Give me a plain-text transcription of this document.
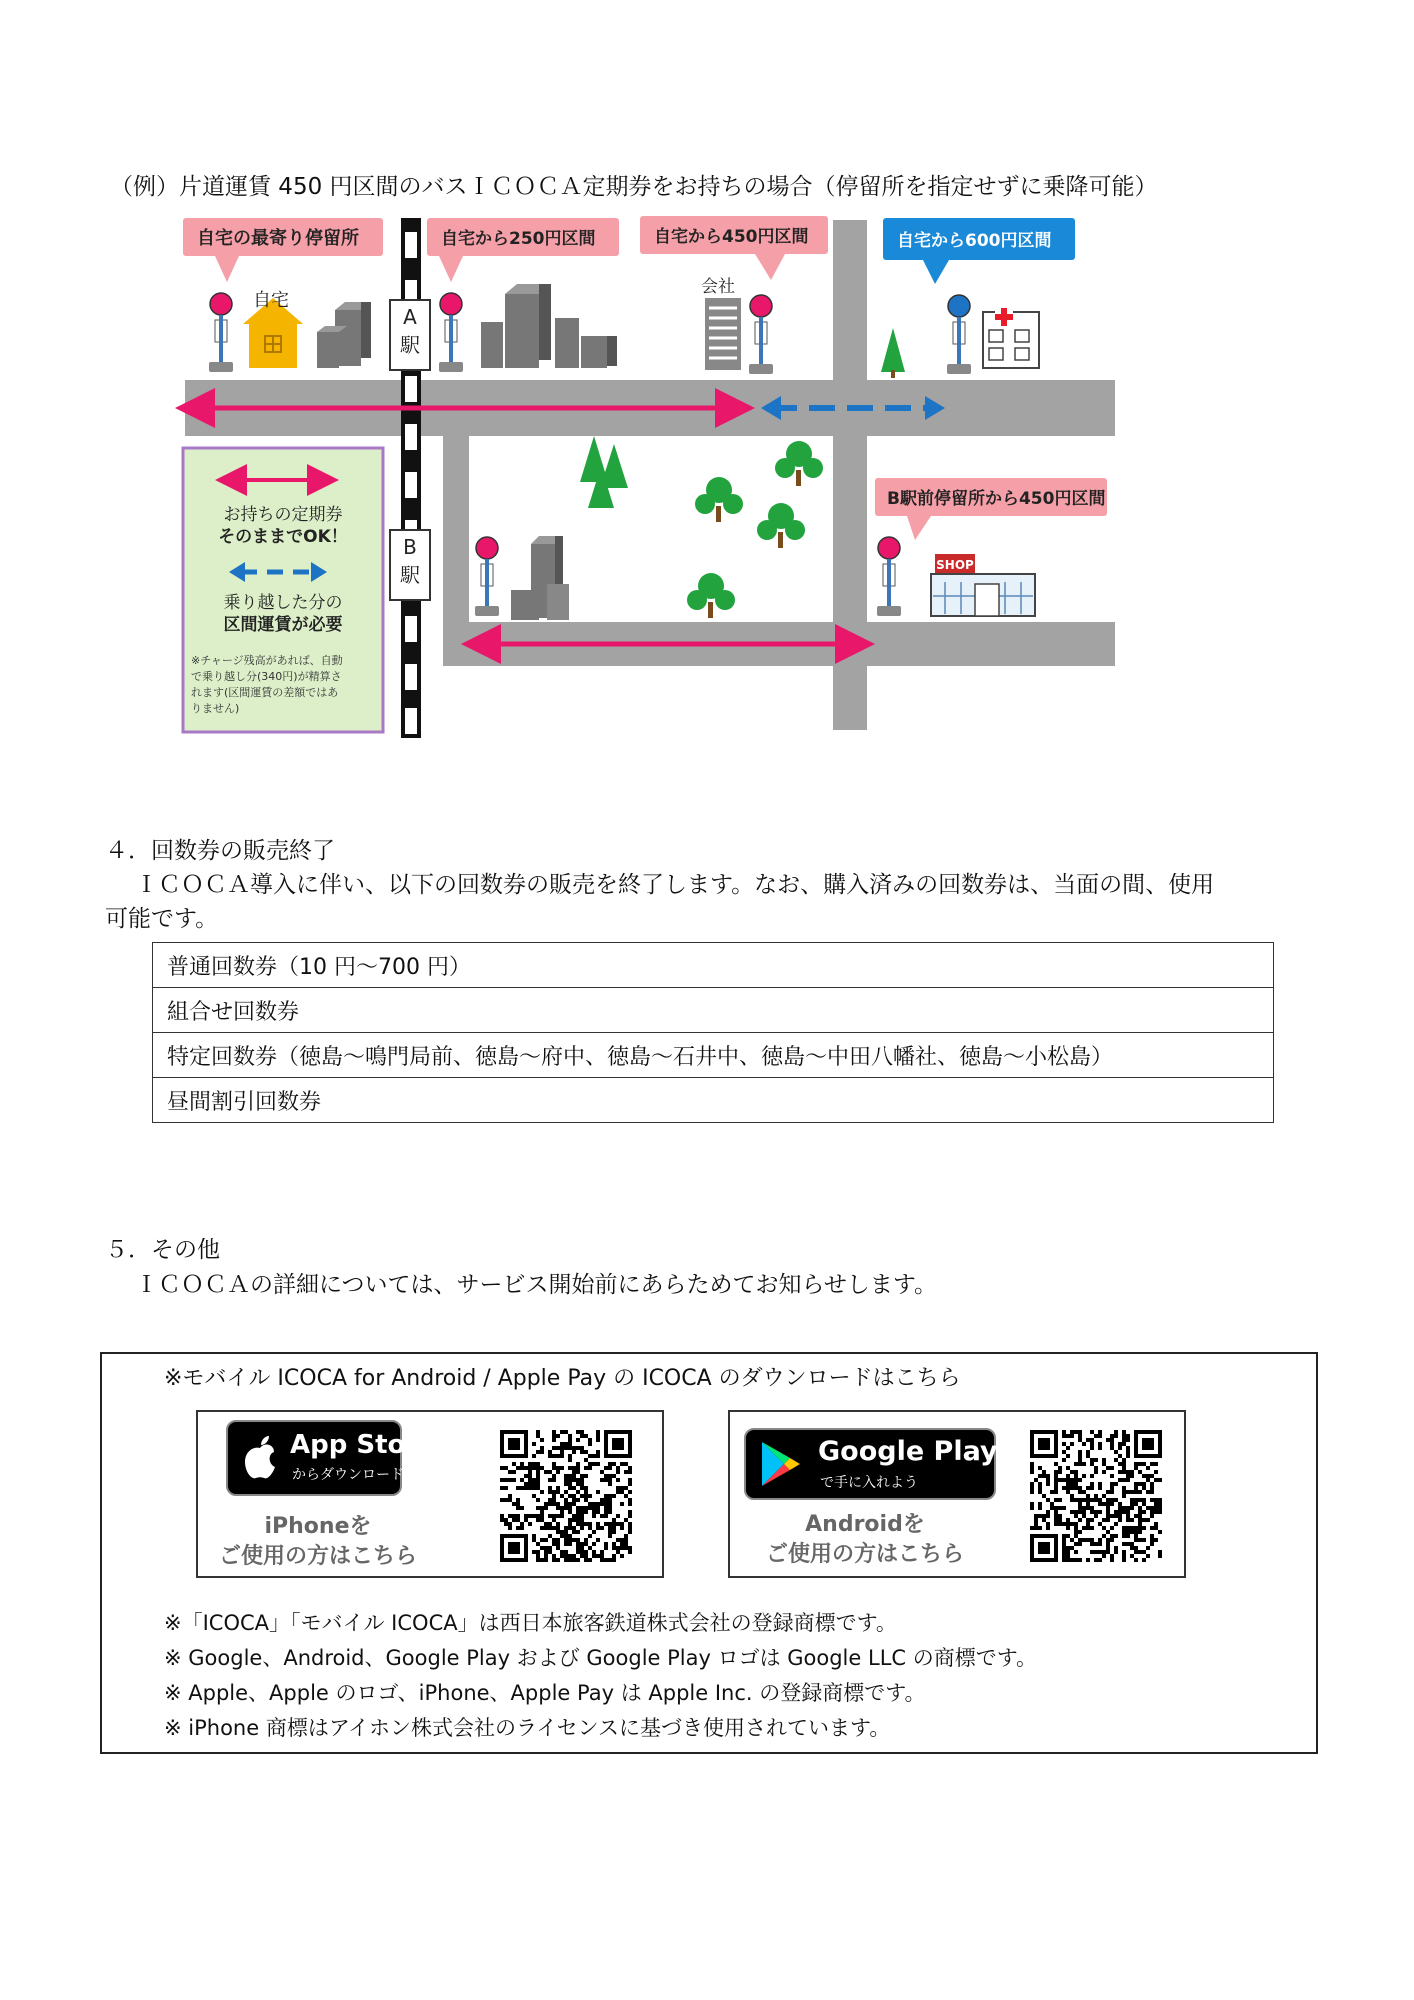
（例）片道運賃 450 円区間のバスＩＣＯＣＡ定期券をお持ちの場合（停留所を指定せずに乗降可能）
A
駅
B
駅
自宅の最寄り停留所	自宅から250円区間	自宅から450円区間	自宅から600円区間
B駅前停留所から450円区間
自宅
会社
SHOP
お持ちの定期券
そのままでOK！
乗り越した分の
区間運賃が必要
※チャージ残高があれば、自動
で乗り越し分(340円)が精算さ
れます(区間運賃の差額ではあ
りません)
４．回数券の販売終了
ＩＣＯＣＡ導入に伴い、以下の回数券の販売を終了します。なお、購入済みの回数券は、当面の間、使用
可能です。
普通回数券（10 円～700 円）
組合せ回数券
特定回数券（徳島～鳴門局前、徳島～府中、徳島～石井中、徳島～中田八幡社、徳島～小松島）
昼間割引回数券
５．その他
ＩＣＯＣＡの詳細については、サービス開始前にあらためてお知らせします。
※モバイル ICOCA for Android / Apple Pay の ICOCA のダウンロードはこちら
App Store
からダウンロード
iPhoneを
ご使用の方はこちら
Google Play
で手に入れよう
Androidを
ご使用の方はこちら
※「ICOCA」「モバイル ICOCA」は西日本旅客鉄道株式会社の登録商標です。
※ Google、Android、Google Play および Google Play ロゴは Google LLC の商標です。
※ Apple、Apple のロゴ、iPhone、Apple Pay は Apple Inc. の登録商標です。
※ iPhone 商標はアイホン株式会社のライセンスに基づき使用されています。
